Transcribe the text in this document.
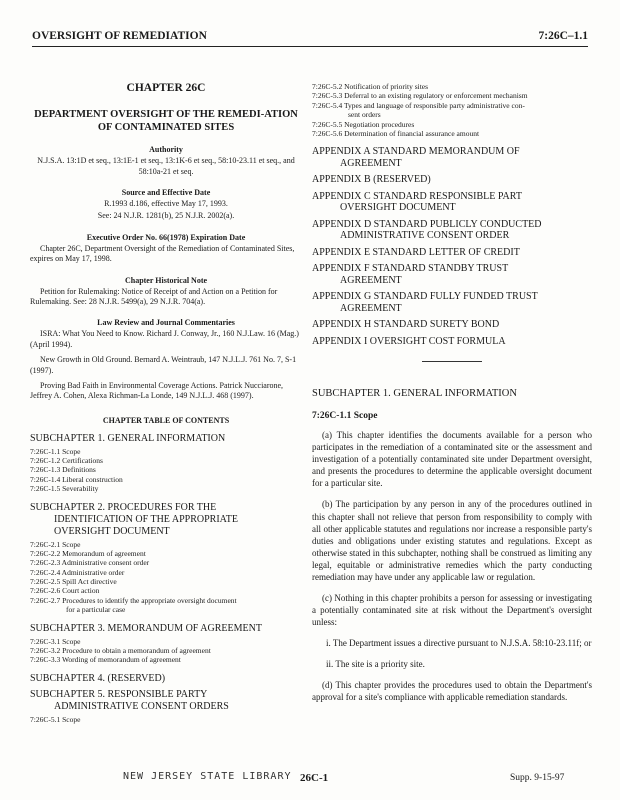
OVERSIGHT OF REMEDIATION	7:26C–1.1
CHAPTER 26C
DEPARTMENT OVERSIGHT OF THE REMEDI-ATION OF CONTAMINATED SITES
Authority

N.J.S.A. 13:1D et seq., 13:1E-1 et seq., 13:1K-6 et seq., 58:10-23.11 et seq., and 58:10a-21 et seq.

Source and Effective Date

R.1993 d.186, effective May 17, 1993.

See: 24 N.J.R. 1281(b), 25 N.J.R. 2002(a).

Executive Order No. 66(1978) Expiration Date

Chapter 26C, Department Oversight of the Remediation of Contaminated Sites, expires on May 17, 1998.

Chapter Historical Note

Petition for Rulemaking: Notice of Receipt of and Action on a Petition for Rulemaking. See: 28 N.J.R. 5499(a), 29 N.J.R. 704(a).

Law Review and Journal Commentaries

ISRA: What You Need to Know. Richard J. Conway, Jr., 160 N.J.Law. 16 (Mag.) (April 1994).

New Growth in Old Ground. Bernard A. Weintraub, 147 N.J.L.J. 761 No. 7, S-1 (1997).

Proving Bad Faith in Environmental Coverage Actions. Patrick Nucciarone, Jeffrey A. Cohen, Alexa Richman-La Londe, 149 N.J.L.J. 468 (1997).

CHAPTER TABLE OF CONTENTS
SUBCHAPTER 1. GENERAL INFORMATION
7:26C-1.1 Scope
7:26C-1.2 Certifications
7:26C-1.3 Definitions
7:26C-1.4 Liberal construction
7:26C-1.5 Severability
SUBCHAPTER 2. PROCEDURES FOR THE
IDENTIFICATION OF THE APPROPRIATE
OVERSIGHT DOCUMENT
7:26C-2.1 Scope
7:26C-2.2 Memorandum of agreement
7:26C-2.3 Administrative consent order
7:26C-2.4 Administrative order
7:26C-2.5 Spill Act directive
7:26C-2.6 Court action
7:26C-2.7 Procedures to identify the appropriate oversight document
for a particular case
SUBCHAPTER 3. MEMORANDUM OF AGREEMENT
7:26C-3.1 Scope
7:26C-3.2 Procedure to obtain a memorandum of agreement
7:26C-3.3 Wording of memorandum of agreement
SUBCHAPTER 4. (RESERVED)
SUBCHAPTER 5. RESPONSIBLE PARTY
ADMINISTRATIVE CONSENT ORDERS
7:26C-5.1 Scope
7:26C-5.2 Notification of priority sites
7:26C-5.3 Deferral to an existing regulatory or enforcement mechanism
7:26C-5.4 Types and language of responsible party administrative con-
sent orders
7:26C-5.5 Negotiation procedures
7:26C-5.6 Determination of financial assurance amount
APPENDIX A STANDARD MEMORANDUM OF
AGREEMENT
APPENDIX B (RESERVED)
APPENDIX C STANDARD RESPONSIBLE PART
OVERSIGHT DOCUMENT
APPENDIX D STANDARD PUBLICLY CONDUCTED
ADMINISTRATIVE CONSENT ORDER
APPENDIX E STANDARD LETTER OF CREDIT
APPENDIX F STANDARD STANDBY TRUST
AGREEMENT
APPENDIX G STANDARD FULLY FUNDED TRUST
AGREEMENT
APPENDIX H STANDARD SURETY BOND
APPENDIX I OVERSIGHT COST FORMULA
SUBCHAPTER 1. GENERAL INFORMATION
7:26C-1.1 Scope

(a) This chapter identifies the documents available for a person who participates in the remediation of a contaminated site or the assessment and investigation of a potentially contaminated site under Department oversight, and presents the procedures to determine the applicable oversight document for a particular site.

(b) The participation by any person in any of the procedures outlined in this chapter shall not relieve that person from responsibility to comply with all other applicable statutes and regulations nor increase a responsible party's duties and obligations under existing statutes and regulations. Except as otherwise stated in this subchapter, nothing shall be construed as limiting any legal, equitable or administrative remedies which the party conducting remediation may have under any applicable law or regulation.

(c) Nothing in this chapter prohibits a person for assessing or investigating a potentially contaminated site at risk without the Department's oversight unless:

i. The Department issues a directive pursuant to N.J.S.A. 58:10-23.11f; or

ii. The site is a priority site.

(d) This chapter provides the procedures used to obtain the Department's approval for a site's compliance with applicable remediation standards.

NEW JERSEY STATE LIBRARY 26C-1	Supp. 9-15-97
